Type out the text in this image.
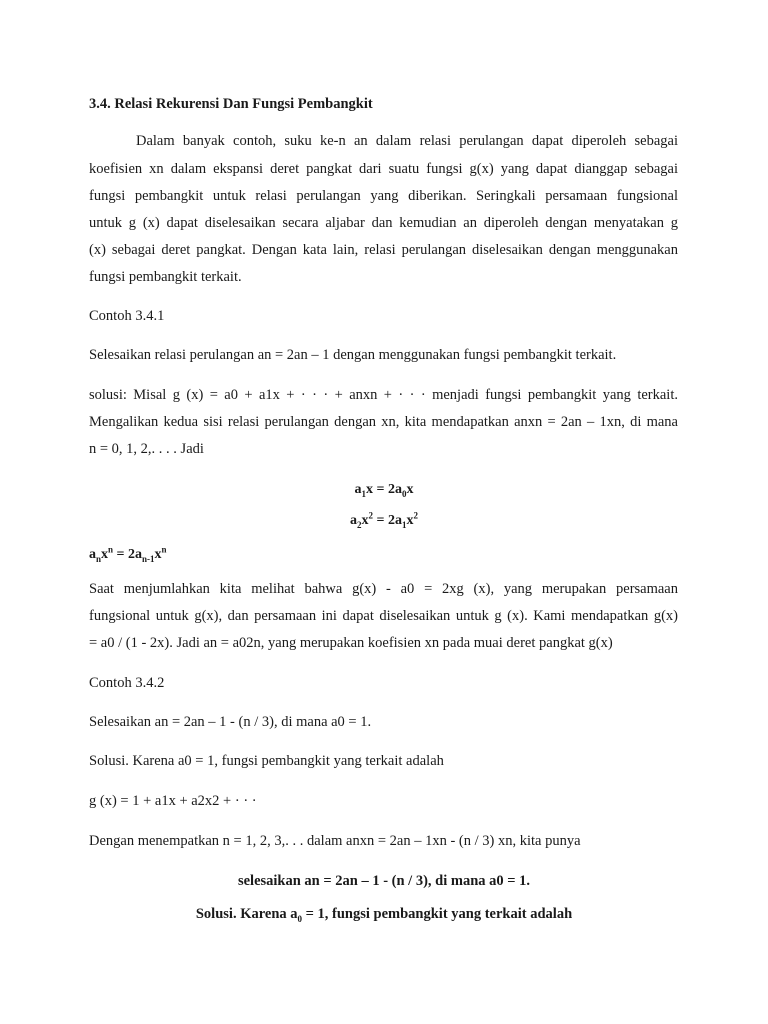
3.4. Relasi Rekurensi Dan Fungsi Pembangkit
Dalam banyak contoh, suku ke-n an dalam relasi perulangan dapat diperoleh sebagai
koefisien xn dalam ekspansi deret pangkat dari suatu fungsi g(x) yang dapat dianggap sebagai
fungsi pembangkit untuk relasi perulangan yang diberikan. Seringkali persamaan fungsional
untuk g (x) dapat diselesaikan secara aljabar dan kemudian an diperoleh dengan menyatakan g
(x) sebagai deret pangkat. Dengan kata lain, relasi perulangan diselesaikan dengan menggunakan
fungsi pembangkit terkait.
Contoh 3.4.1
Selesaikan relasi perulangan an = 2an – 1 dengan menggunakan fungsi pembangkit terkait.
solusi: Misal g (x) = a0 + a1x + · · · + anxn + · · · menjadi fungsi pembangkit yang terkait.
Mengalikan kedua sisi relasi perulangan dengan xn, kita mendapatkan anxn = 2an – 1xn, di mana
n = 0, 1, 2,. . . . Jadi
$a_1x = 2a_0x$
$a_2x^2 = 2a_1x^2$
$a_nx^n = 2a_{n-1}x^n$
Saat menjumlahkan kita melihat bahwa g(x) - a0 = 2xg (x), yang merupakan persamaan
fungsional untuk g(x), dan persamaan ini dapat diselesaikan untuk g (x). Kami mendapatkan g(x)
= a0 / (1 - 2x). Jadi an = a02n, yang merupakan koefisien xn pada muai deret pangkat g(x)
Contoh 3.4.2
Selesaikan an = 2an – 1 - (n / 3), di mana a0 = 1.
Solusi. Karena a0 = 1, fungsi pembangkit yang terkait adalah
g (x) = 1 + a1x + a2x2 + · · ·
Dengan menempatkan n = 1, 2, 3,. . . dalam anxn = 2an – 1xn - (n / 3) xn, kita punya
selesaikan an = 2an – 1 - (n / 3), di mana a0 = 1.
Solusi. Karena $a_0 = 1$, fungsi pembangkit yang terkait adalah
